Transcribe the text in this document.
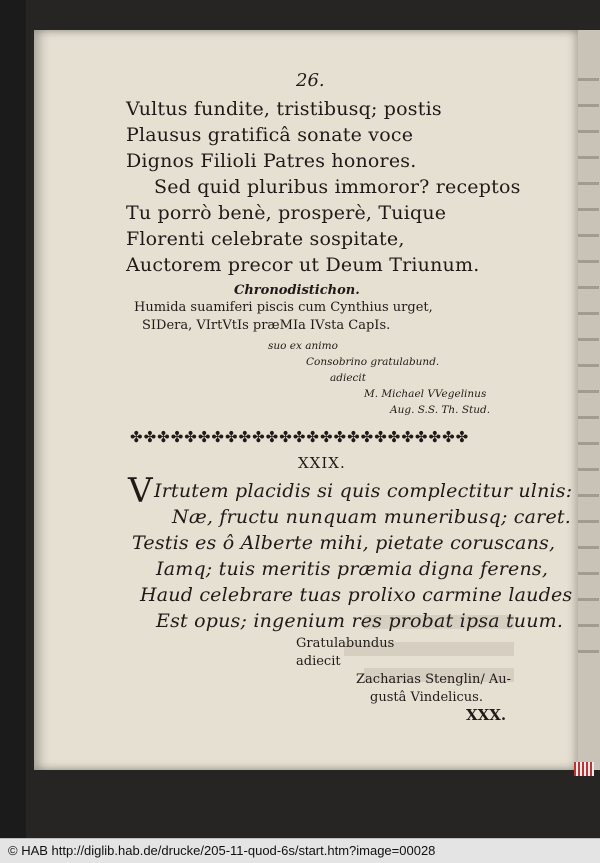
26.
Vultus fundite, tristibusq; postis
Plausus gratificâ sonate voce
Dignos Filioli Patres honores.
Sed quid pluribus immoror? receptos
Tu porrò benè, prosperè, Tuique
Florenti celebrate sospitate,
Auctorem precor ut Deum Triunum.
Chronodistichon.
Humida suamiferi piscis cum Cynthius urget,
SIDera, VIrtVtIs præMIa IVsta CapIs.
suo ex animo
Consobrino gratulabund.
adiecit
M. Michael VVegelinus
Aug. S.S. Th. Stud.
✤✤✤✤✤✤✤✤✤✤✤✤✤✤✤✤✤✤✤✤✤✤✤✤✤
XXIX.
V Irtutem placidis si quis complectitur ulnis:
Næ, fructu nunquam muneribusq; caret.
Testis es ô Alberte mihi, pietate coruscans,
Iamq; tuis meritis præmia digna ferens,
Haud celebrare tuas prolixo carmine laudes
Est opus; ingenium res probat ipsa tuum.
Gratulabundus
adiecit
Zacharias Stenglin/ Au-
gustâ Vindelicus.
XXX.
© HAB http://diglib.hab.de/drucke/205-11-quod-6s/start.htm?image=00028
